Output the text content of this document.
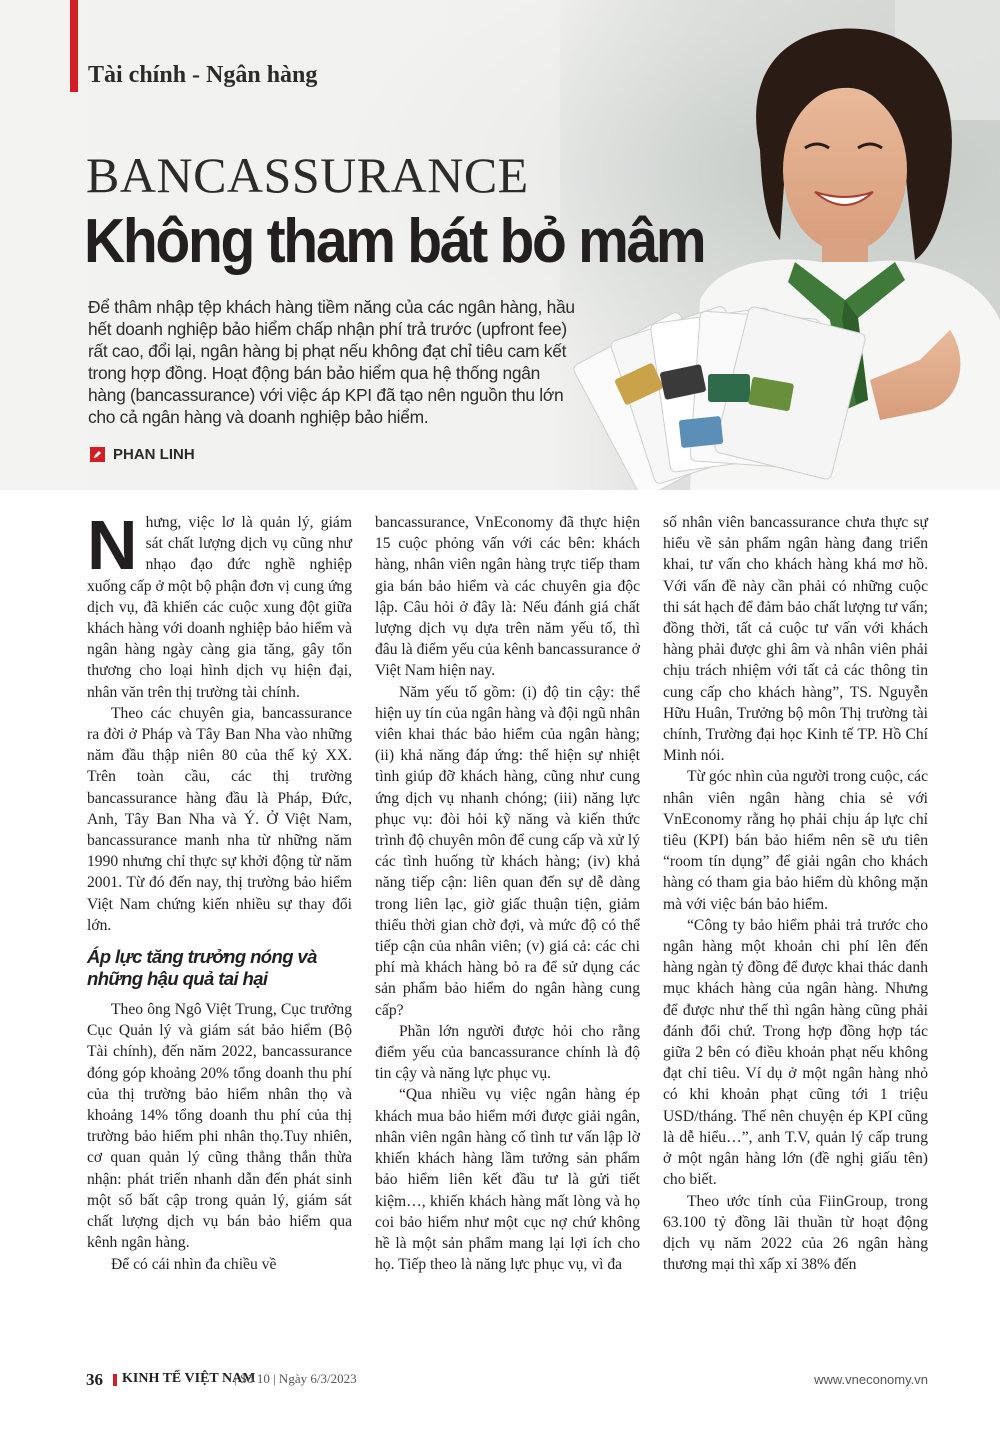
Tài chính - Ngân hàng
BANCASSURANCE
Không tham bát bỏ mâm
Để thâm nhập tệp khách hàng tiềm năng của các ngân hàng, hầu hết doanh nghiệp bảo hiểm chấp nhận phí trả trước (upfront fee) rất cao, đổi lại, ngân hàng bị phạt nếu không đạt chỉ tiêu cam kết trong hợp đồng. Hoạt động bán bảo hiểm qua hệ thống ngân hàng (bancassurance) với việc áp KPI đã tạo nên nguồn thu lớn cho cả ngân hàng và doanh nghiệp bảo hiểm.
PHAN LINH

Nhưng, việc lơ là quản lý, giám sát chất lượng dịch vụ cũng như nhạo đạo đức nghề nghiệp xuống cấp ở một bộ phận đơn vị cung ứng dịch vụ, đã khiến các cuộc xung đột giữa khách hàng với doanh nghiệp bảo hiểm và ngân hàng ngày càng gia tăng, gây tổn thương cho loại hình dịch vụ hiện đại, nhân văn trên thị trường tài chính.

Theo các chuyên gia, bancassurance ra đời ở Pháp và Tây Ban Nha vào những năm đầu thập niên 80 của thế kỷ XX. Trên toàn cầu, các thị trường bancassurance hàng đầu là Pháp, Đức, Anh, Tây Ban Nha và Ý. Ở Việt Nam, bancassurance manh nha từ những năm 1990 nhưng chỉ thực sự khởi động từ năm 2001. Từ đó đến nay, thị trường bảo hiểm Việt Nam chứng kiến nhiều sự thay đổi lớn.

Áp lực tăng trưởng nóng và những hậu quả tai hại

Theo ông Ngô Việt Trung, Cục trưởng Cục Quản lý và giám sát bảo hiểm (Bộ Tài chính), đến năm 2022, bancassurance đóng góp khoảng 20% tổng doanh thu phí của thị trường bảo hiểm nhân thọ và khoảng 14% tổng doanh thu phí của thị trường bảo hiểm phi nhân thọ.Tuy nhiên, cơ quan quản lý cũng thẳng thắn thừa nhận: phát triển nhanh dẫn đến phát sinh một số bất cập trong quản lý, giám sát chất lượng dịch vụ bán bảo hiểm qua kênh ngân hàng.

Để có cái nhìn đa chiều về

bancassurance, VnEconomy đã thực hiện 15 cuộc phỏng vấn với các bên: khách hàng, nhân viên ngân hàng trực tiếp tham gia bán bảo hiểm và các chuyên gia độc lập. Câu hỏi ở đây là: Nếu đánh giá chất lượng dịch vụ dựa trên năm yếu tố, thì đâu là điểm yếu của kênh bancassurance ở Việt Nam hiện nay.

Năm yếu tố gồm: (i) độ tin cậy: thể hiện uy tín của ngân hàng và đội ngũ nhân viên khai thác bảo hiểm của ngân hàng; (ii) khả năng đáp ứng: thể hiện sự nhiệt tình giúp đỡ khách hàng, cũng như cung ứng dịch vụ nhanh chóng; (iii) năng lực phục vụ: đòi hỏi kỹ năng và kiến thức trình độ chuyên môn để cung cấp và xử lý các tình huống từ khách hàng; (iv) khả năng tiếp cận: liên quan đến sự dễ dàng trong liên lạc, giờ giấc thuận tiện, giảm thiểu thời gian chờ đợi, và mức độ có thể tiếp cận của nhân viên; (v) giá cả: các chi phí mà khách hàng bỏ ra để sử dụng các sản phẩm bảo hiểm do ngân hàng cung cấp?

Phần lớn người được hỏi cho rằng điểm yếu của bancassurance chính là độ tin cậy và năng lực phục vụ.

“Qua nhiều vụ việc ngân hàng ép khách mua bảo hiểm mới được giải ngân, nhân viên ngân hàng cố tình tư vấn lập lờ khiến khách hàng lầm tưởng sản phẩm bảo hiểm liên kết đầu tư là gửi tiết kiệm…, khiến khách hàng mất lòng và họ coi bảo hiểm như một cục nợ chứ không hề là một sản phẩm mang lại lợi ích cho họ. Tiếp theo là năng lực phục vụ, vì đa

số nhân viên bancassurance chưa thực sự hiểu về sản phẩm ngân hàng đang triển khai, tư vấn cho khách hàng khá mơ hồ. Với vấn đề này cần phải có những cuộc thi sát hạch để đảm bảo chất lượng tư vấn; đồng thời, tất cả cuộc tư vấn với khách hàng phải được ghi âm và nhân viên phải chịu trách nhiệm với tất cả các thông tin cung cấp cho khách hàng”, TS. Nguyễn Hữu Huân, Trưởng bộ môn Thị trường tài chính, Trường đại học Kinh tế TP. Hồ Chí Minh nói.

Từ góc nhìn của người trong cuộc, các nhân viên ngân hàng chia sẻ với VnEconomy rằng họ phải chịu áp lực chỉ tiêu (KPI) bán bảo hiểm nên sẽ ưu tiên “room tín dụng” để giải ngân cho khách hàng có tham gia bảo hiểm dù không mặn mà với việc bán bảo hiểm.

“Công ty bảo hiểm phải trả trước cho ngân hàng một khoản chi phí lên đến hàng ngàn tỷ đồng để được khai thác danh mục khách hàng của ngân hàng. Nhưng để được như thế thì ngân hàng cũng phải đánh đổi chứ. Trong hợp đồng hợp tác giữa 2 bên có điều khoản phạt nếu không đạt chỉ tiêu. Ví dụ ở một ngân hàng nhỏ có khi khoản phạt cũng tới 1 triệu USD/tháng. Thế nên chuyện ép KPI cũng là dễ hiểu…”, anh T.V, quản lý cấp trung ở một ngân hàng lớn (đề nghị giấu tên) cho biết.

Theo ước tính của FiinGroup, trong 63.100 tỷ đồng lãi thuần từ hoạt động dịch vụ năm 2022 của 26 ngân hàng thương mại thì xấp xỉ 38% đến

36 KINH TẾ VIỆT NAM
| Số 10 | Ngày 6/3/2023	www.vneconomy.vn
